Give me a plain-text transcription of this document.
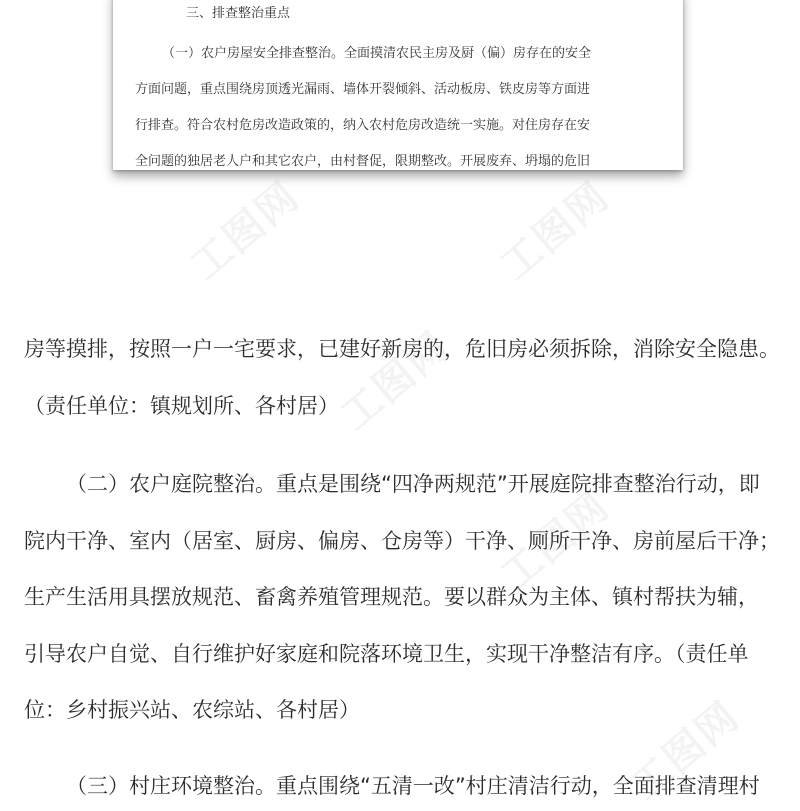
工图网	工图网
工图网
工图网
工图网
三、排查整治重点
（一）农户房屋安全排查整治。全面摸清农民主房及厨（偏）房存在的安全
方面问题，重点围绕房顶透光漏雨、墙体开裂倾斜、活动板房、铁皮房等方面进
行排查。符合农村危房改造政策的，纳入农村危房改造统一实施。对住房存在安
全问题的独居老人户和其它农户，由村督促，限期整改。开展废弃、坍塌的危旧
房等摸排，按照一户一宅要求，已建好新房的，危旧房必须拆除，消除安全隐患。
（责任单位：镇规划所、各村居）
（二）农户庭院整治。重点是围绕“四净两规范”开展庭院排查整治行动，即
院内干净、室内（居室、厨房、偏房、仓房等）干净、厕所干净、房前屋后干净；
生产生活用具摆放规范、畜禽养殖管理规范。要以群众为主体、镇村帮扶为辅，
引导农户自觉、自行维护好家庭和院落环境卫生，实现干净整洁有序。（责任单
位：乡村振兴站、农综站、各村居）
（三）村庄环境整治。重点围绕“五清一改”村庄清洁行动，全面排查清理村
